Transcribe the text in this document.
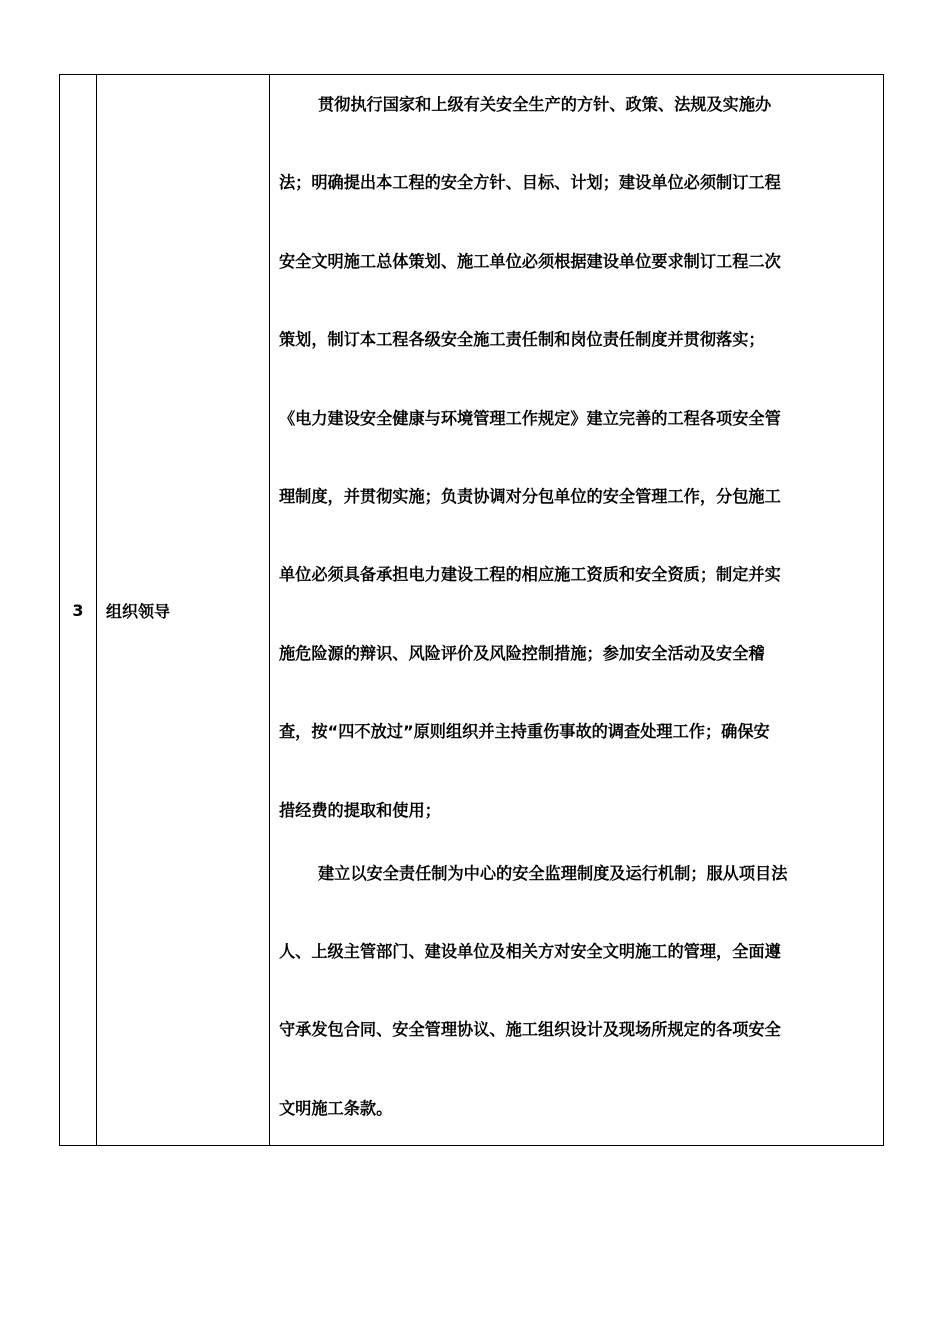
3 组织领导
贯彻执行国家和上级有关安全生产的方针、政策、法规及实施办
法；明确提出本工程的安全方针、目标、计划；建设单位必须制订工程
安全文明施工总体策划、施工单位必须根据建设单位要求制订工程二次
策划，制订本工程各级安全施工责任制和岗位责任制度并贯彻落实；
《电力建设安全健康与环境管理工作规定》建立完善的工程各项安全管
理制度，并贯彻实施；负责协调对分包单位的安全管理工作，分包施工
单位必须具备承担电力建设工程的相应施工资质和安全资质；制定并实
施危险源的辩识、风险评价及风险控制措施；参加安全活动及安全稽
查，按“四不放过”原则组织并主持重伤事故的调查处理工作；确保安
措经费的提取和使用；
建立以安全责任制为中心的安全监理制度及运行机制；服从项目法
人、上级主管部门、建设单位及相关方对安全文明施工的管理，全面遵
守承发包合同、安全管理协议、施工组织设计及现场所规定的各项安全
文明施工条款。
